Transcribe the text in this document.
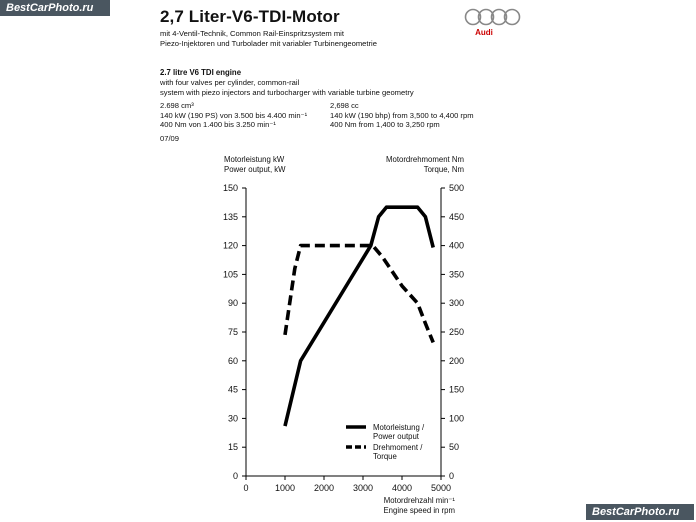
BestCarPhoto.ru
BestCarPhoto.ru
Audi
2,7 Liter-V6-TDI-Motor
mit 4-Ventil-Technik, Common Rail-Einspritzsystem mit
Piezo-Injektoren und Turbolader mit variabler Turbinengeometrie
2.7 litre V6 TDI engine
with four valves per cylinder, common-rail
system with piezo injectors and turbocharger with variable turbine geometry
2.698 cm³
140 kW (190 PS) von 3.500 bis 4.400 min⁻¹
400 Nm von 1.400 bis 3.250 min⁻¹
2,698 cc
140 kW (190 bhp) from 3,500 to 4,400 rpm
400 Nm from 1,400 to 3,250 rpm
07/09
0
15
30
45
60
75
90
105
120
135
150
0
50
100
150
200
250
300
350
400
450
500
0	1000 2000 3000 4000 5000
Motorleistung kW
Power output, kW
Motordrehmoment Nm
Torque, Nm
Motordrehzahl min⁻¹
Engine speed in rpm
Motorleistung /
Power output
Drehmoment /
Torque
